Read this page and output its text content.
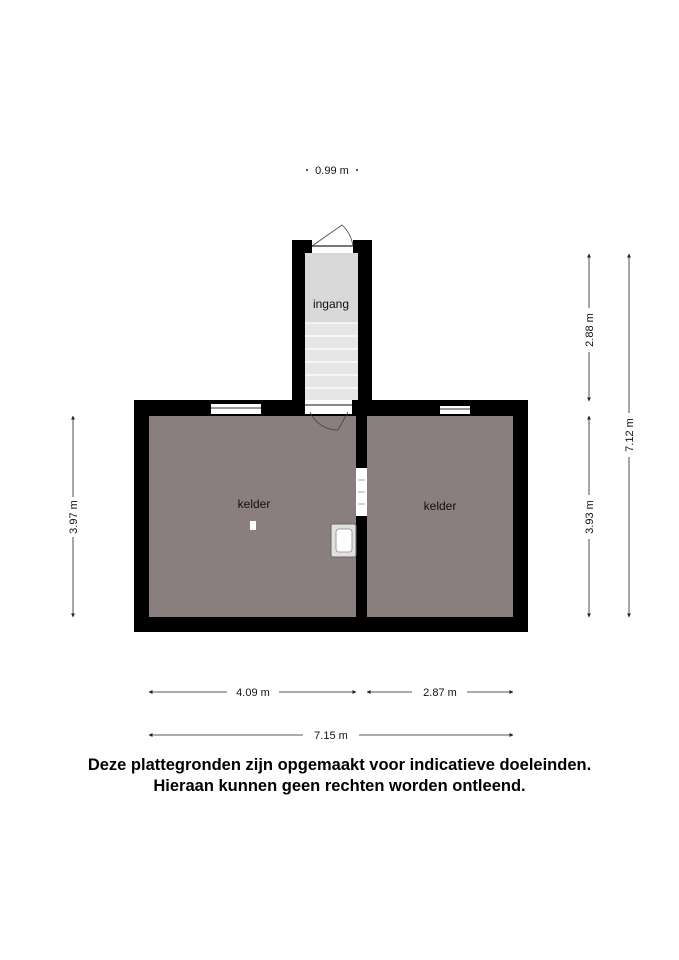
0.99 m
ingang
kelder	kelder
3.97 m
2.88 m
3.93 m
7.12 m
4.09 m	2.87 m
7.15 m
Deze plattegronden zijn opgemaakt voor indicatieve doeleinden.
Hieraan kunnen geen rechten worden ontleend.
